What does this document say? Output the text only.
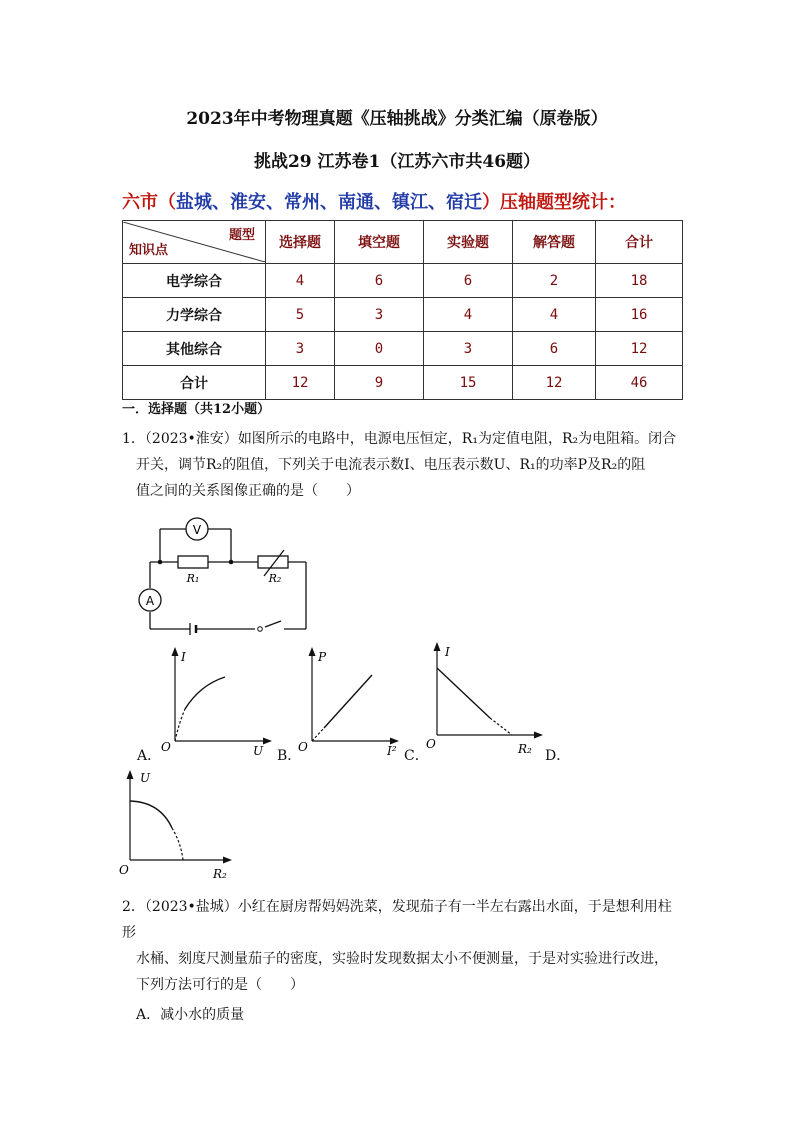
2023年中考物理真题《压轴挑战》分类汇编（原卷版）
挑战29 江苏卷1（江苏六市共46题）
六市（盐城、淮安、常州、南通、镇江、宿迁）压轴题型统计：
题型
知识点	选择题	填空题	实验题	解答题	合计
电学综合	4	6	6	2	18
力学综合	5	3	4	4	16
其他综合	3	0	3	6	12
合计	12	9	15	12	46
一．选择题（共12小题）
1．（2023•淮安）如图所示的电路中，电源电压恒定，R₁为定值电阻，R₂为电阻箱。闭合
开关，调节R₂的阻值，下列关于电流表示数I、电压表示数U、R₁的功率P及R₂的阻
值之间的关系图像正确的是（　　）
V
A
R₁	R₂
I
O	U
A．
P
O	I²
B．
I
O	R₂
C．	D．
U
O	R₂
2．（2023•盐城）小红在厨房帮妈妈洗菜，发现茄子有一半左右露出水面，于是想利用柱形
水桶、刻度尺测量茄子的密度，实验时发现数据太小不便测量，于是对实验进行改进，
下列方法可行的是（　　）
A．减小水的质量
